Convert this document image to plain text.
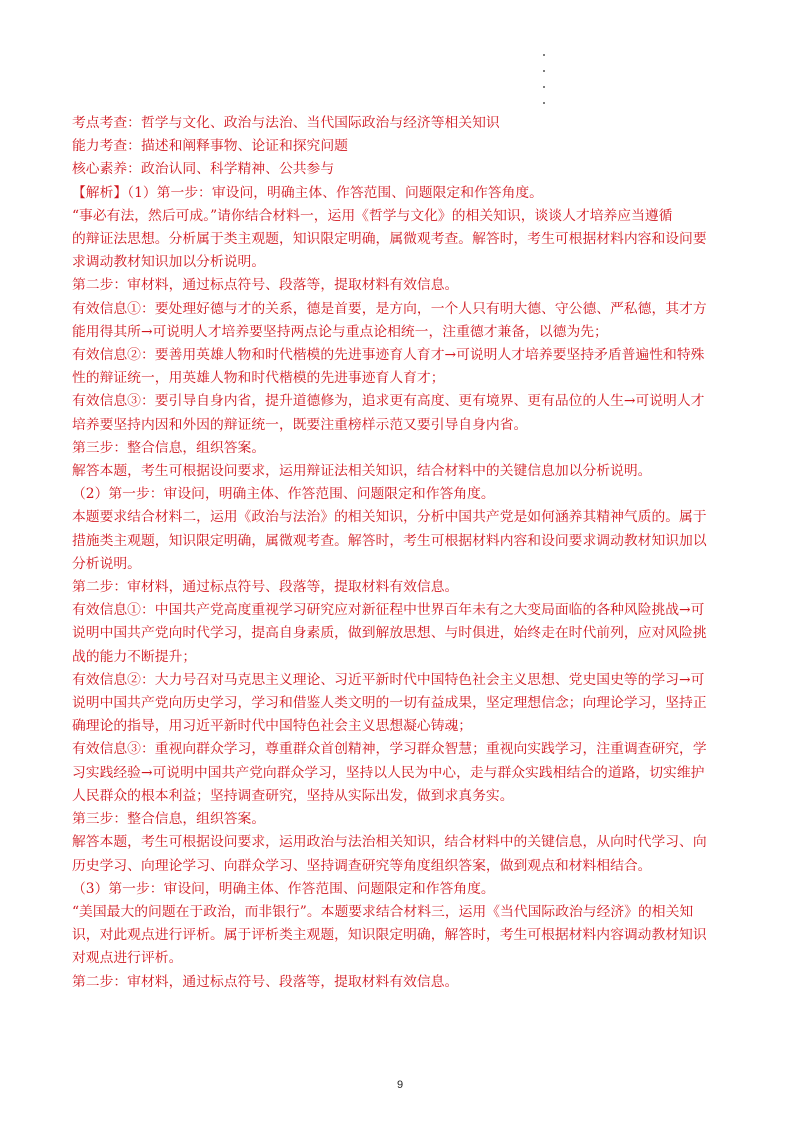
考点考查：哲学与文化、政治与法治、当代国际政治与经济等相关知识
能力考查：描述和阐释事物、论证和探究问题
核心素养：政治认同、科学精神、公共参与
【解析】（1）第一步：审设问，明确主体、作答范围、问题限定和作答角度。
“事必有法，然后可成。”请你结合材料一，运用《哲学与文化》的相关知识，谈谈人才培养应当遵循
的辩证法思想。分析属于类主观题，知识限定明确，属微观考查。解答时，考生可根据材料内容和设问要
求调动教材知识加以分析说明。
第二步：审材料，通过标点符号、段落等，提取材料有效信息。
有效信息①：要处理好德与才的关系，德是首要，是方向，一个人只有明大德、守公德、严私德，其才方
能用得其所→可说明人才培养要坚持两点论与重点论相统一，注重德才兼备，以德为先；
有效信息②：要善用英雄人物和时代楷模的先进事迹育人育才→可说明人才培养要坚持矛盾普遍性和特殊
性的辩证统一，用英雄人物和时代楷模的先进事迹育人育才；
有效信息③：要引导自身内省，提升道德修为，追求更有高度、更有境界、更有品位的人生→可说明人才
培养要坚持内因和外因的辩证统一，既要注重榜样示范又要引导自身内省。
第三步：整合信息，组织答案。
解答本题，考生可根据设问要求，运用辩证法相关知识，结合材料中的关键信息加以分析说明。
（2）第一步：审设问，明确主体、作答范围、问题限定和作答角度。
本题要求结合材料二，运用《政治与法治》的相关知识，分析中国共产党是如何涵养其精神气质的。属于
措施类主观题，知识限定明确，属微观考查。解答时，考生可根据材料内容和设问要求调动教材知识加以
分析说明。
第二步：审材料，通过标点符号、段落等，提取材料有效信息。
有效信息①：中国共产党高度重视学习研究应对新征程中世界百年未有之大变局面临的各种风险挑战→可
说明中国共产党向时代学习，提高自身素质，做到解放思想、与时俱进，始终走在时代前列，应对风险挑
战的能力不断提升；
有效信息②：大力号召对马克思主义理论、习近平新时代中国特色社会主义思想、党史国史等的学习→可
说明中国共产党向历史学习，学习和借鉴人类文明的一切有益成果，坚定理想信念；向理论学习，坚持正
确理论的指导，用习近平新时代中国特色社会主义思想凝心铸魂；
有效信息③：重视向群众学习，尊重群众首创精神，学习群众智慧；重视向实践学习，注重调查研究，学
习实践经验→可说明中国共产党向群众学习，坚持以人民为中心，走与群众实践相结合的道路，切实维护
人民群众的根本利益；坚持调查研究，坚持从实际出发，做到求真务实。
第三步：整合信息，组织答案。
解答本题，考生可根据设问要求，运用政治与法治相关知识，结合材料中的关键信息，从向时代学习、向
历史学习、向理论学习、向群众学习、坚持调查研究等角度组织答案，做到观点和材料相结合。
（3）第一步：审设问，明确主体、作答范围、问题限定和作答角度。
“美国最大的问题在于政治，而非银行”。本题要求结合材料三，运用《当代国际政治与经济》的相关知
识，对此观点进行评析。属于评析类主观题，知识限定明确，解答时，考生可根据材料内容调动教材知识
对观点进行评析。
第二步：审材料，通过标点符号、段落等，提取材料有效信息。
9
